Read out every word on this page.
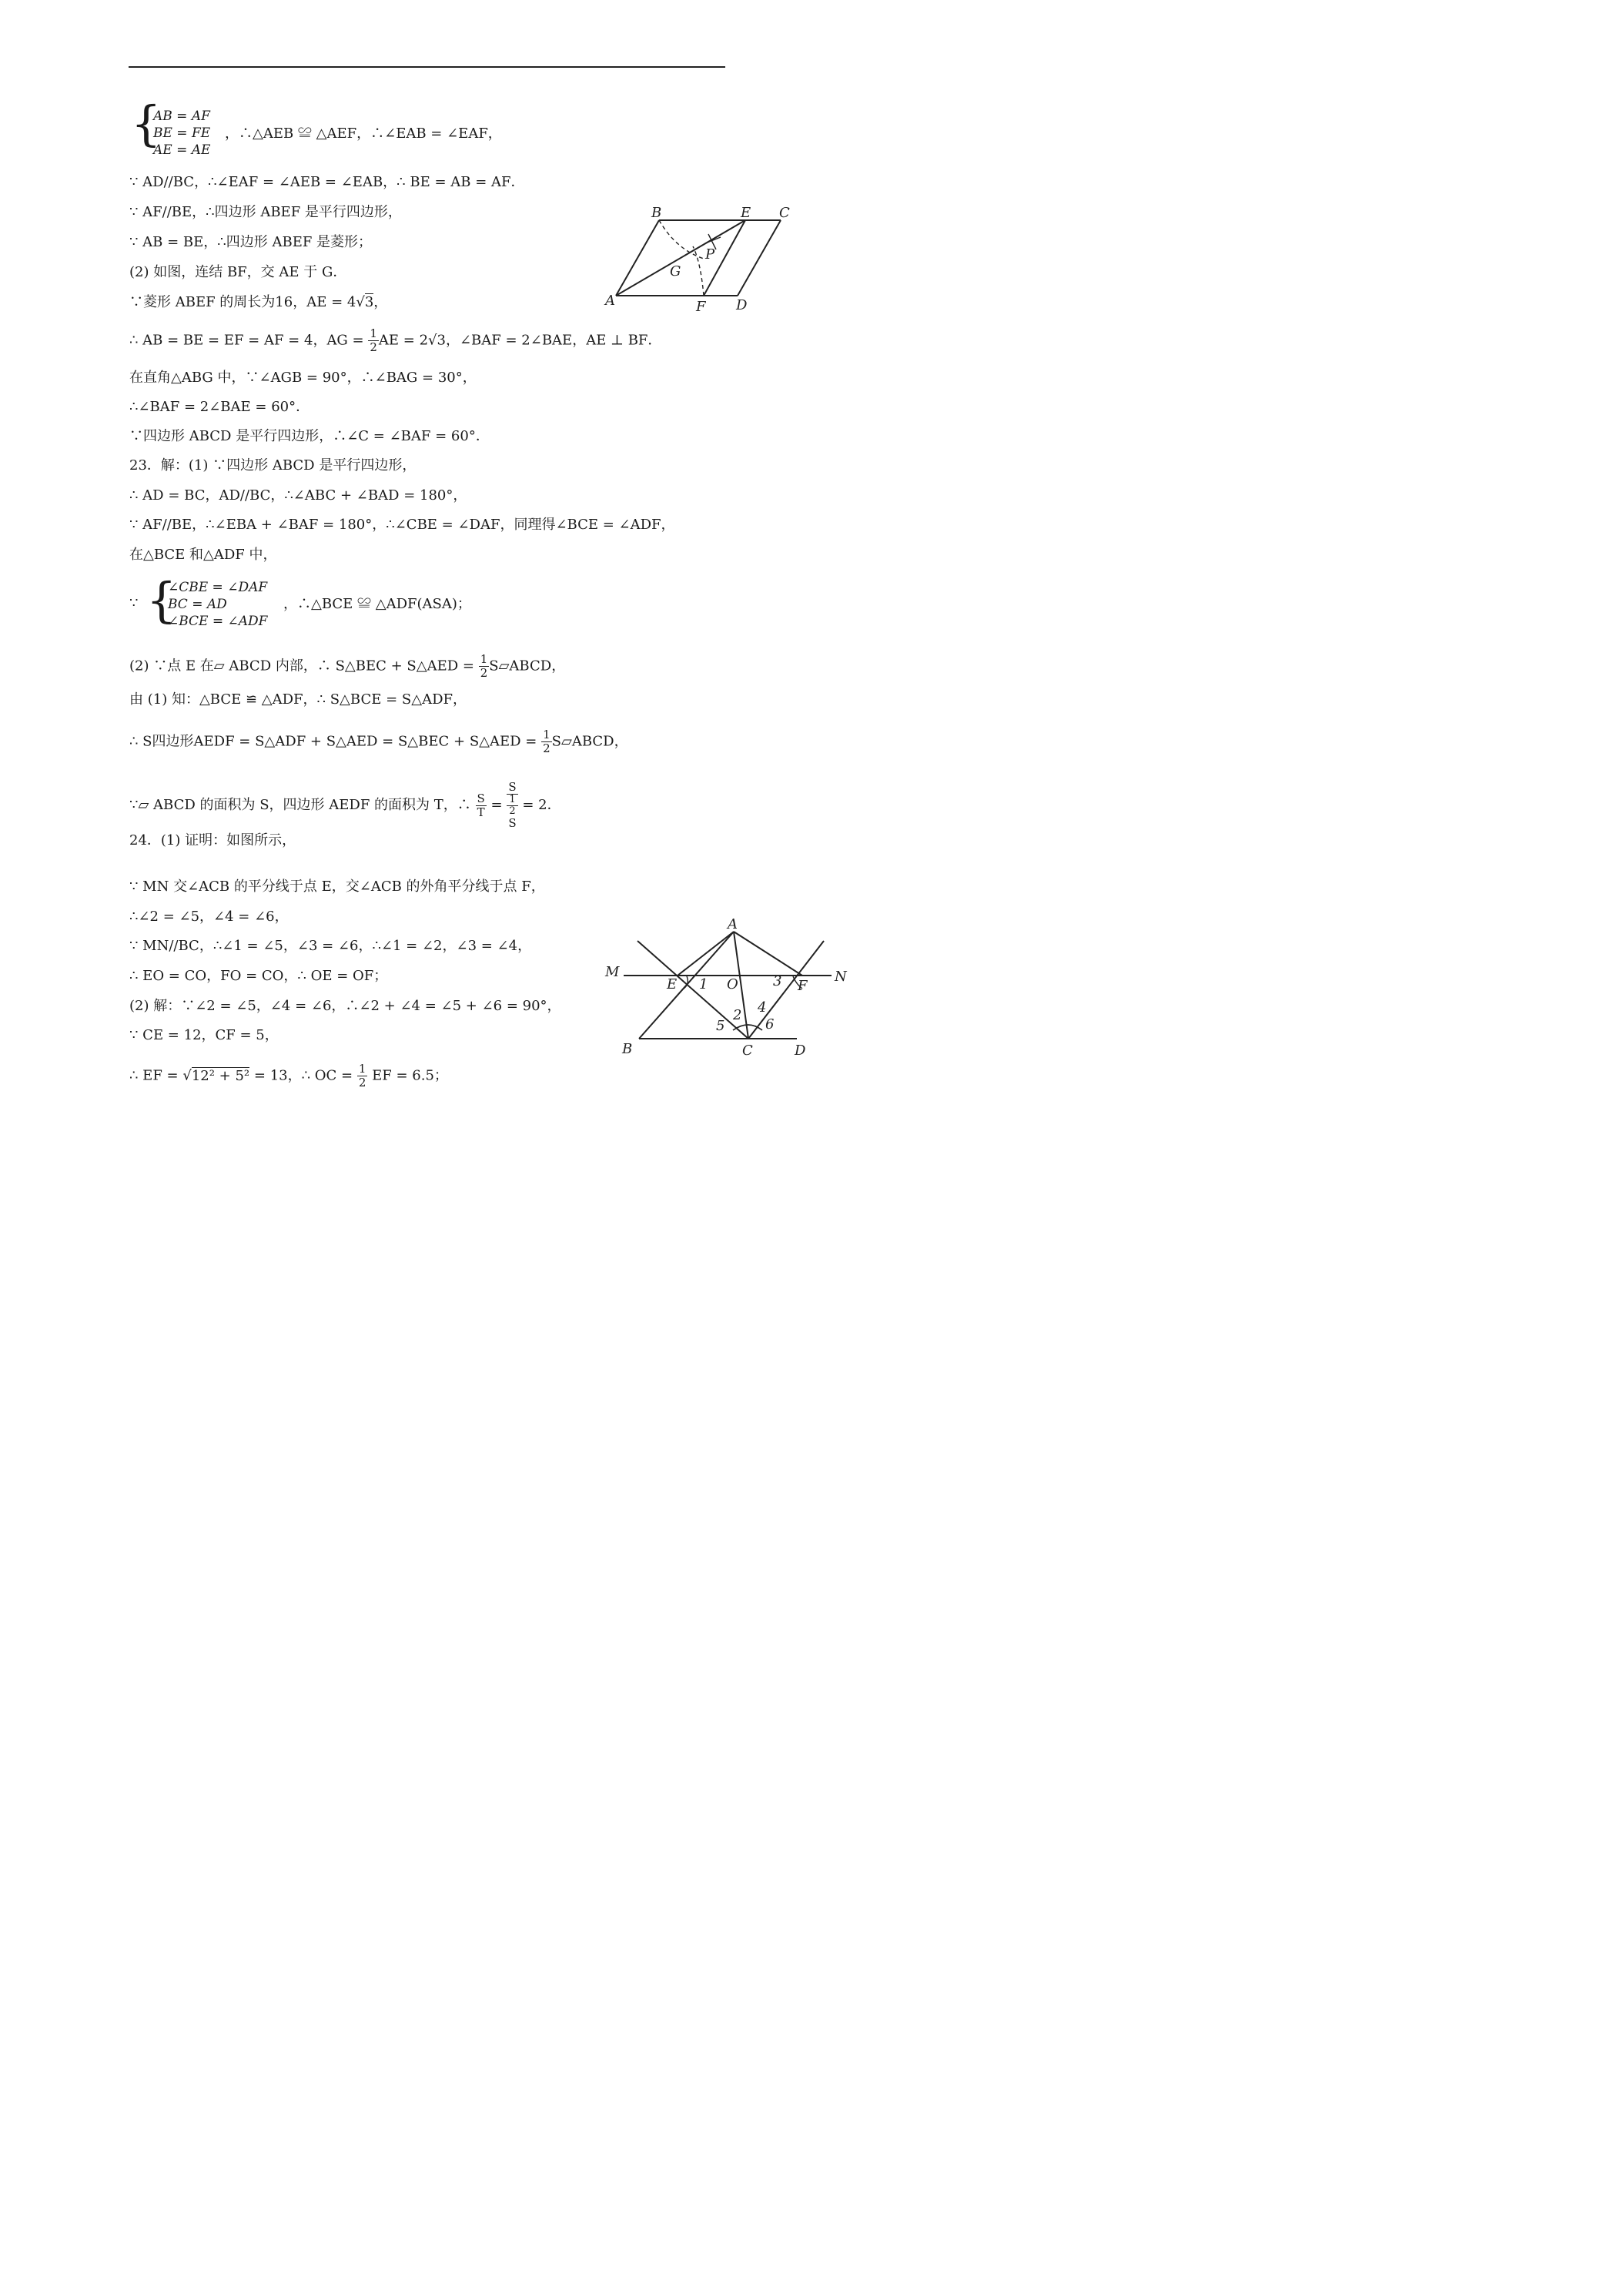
{
AB = AF
BE = FE
AE = AE
，∴△AEB ≌ △AEF，∴∠EAB = ∠EAF，
∵ AD//BC，∴∠EAF = ∠AEB = ∠EAB，∴ BE = AB = AF．
∵ AF//BE，∴四边形 ABEF 是平行四边形，
∵ AB = BE，∴四边形 ABEF 是菱形；
(2) 如图，连结 BF，交 AE 于 G．
∵菱形 ABEF 的周长为16，AE = 4√3，
∴ AB = BE = EF = AF = 4，AG = $\frac{1}{2}$ AE = 2√3，∠BAF = 2∠BAE，AE ⊥ BF．
在直角△ABG 中，∵∠AGB = 90°，∴∠BAG = 30°，
∴∠BAF = 2∠BAE = 60°．
∵四边形 ABCD 是平行四边形，∴∠C = ∠BAF = 60°．
23．解：(1) ∵四边形 ABCD 是平行四边形，
∴ AD = BC，AD//BC，∴∠ABC + ∠BAD = 180°，
∵ AF//BE，∴∠EBA + ∠BAF = 180°，∴∠CBE = ∠DAF，同理得∠BCE = ∠ADF，
在△BCE 和△ADF 中，
∵ {
∠CBE = ∠DAF
BC = AD
∠BCE = ∠ADF
，∴△BCE ≌ △ADF(ASA)；
(2) ∵点 E 在▱ ABCD 内部，∴ S△BEC + S△AED = $\frac{1}{2}$ S▱ABCD，
由 (1) 知：△BCE ≌ △ADF，∴ S△BCE = S△ADF，
∴ S四边形AEDF = S△ADF + S△AED = S△BEC + S△AED = $\frac{1}{2}$ S▱ABCD，
∵▱ ABCD 的面积为 S，四边形 AEDF 的面积为 T，∴ $\frac{S}{T} = S$
1
2
S = 2．
24．(1) 证明：如图所示，
∵ MN 交∠ACB 的平分线于点 E，交∠ACB 的外角平分线于点 F，
∴∠2 = ∠5，∠4 = ∠6，
∵ MN//BC，∴∠1 = ∠5，∠3 = ∠6，∴∠1 = ∠2，∠3 = ∠4，
∴ EO = CO，FO = CO，∴ OE = OF；
(2) 解：∵∠2 = ∠5，∠4 = ∠6，∴∠2 + ∠4 = ∠5 + ∠6 = 90°，
∵ CE = 12，CF = 5，
∴ EF = √12² + 5² = 13，∴ OC = $\frac{1}{2}$ EF = 6.5；
B	E C
P
G
A	F D
A
M	N
E	O	F
1	3
2 4
5	6
B	C	D
